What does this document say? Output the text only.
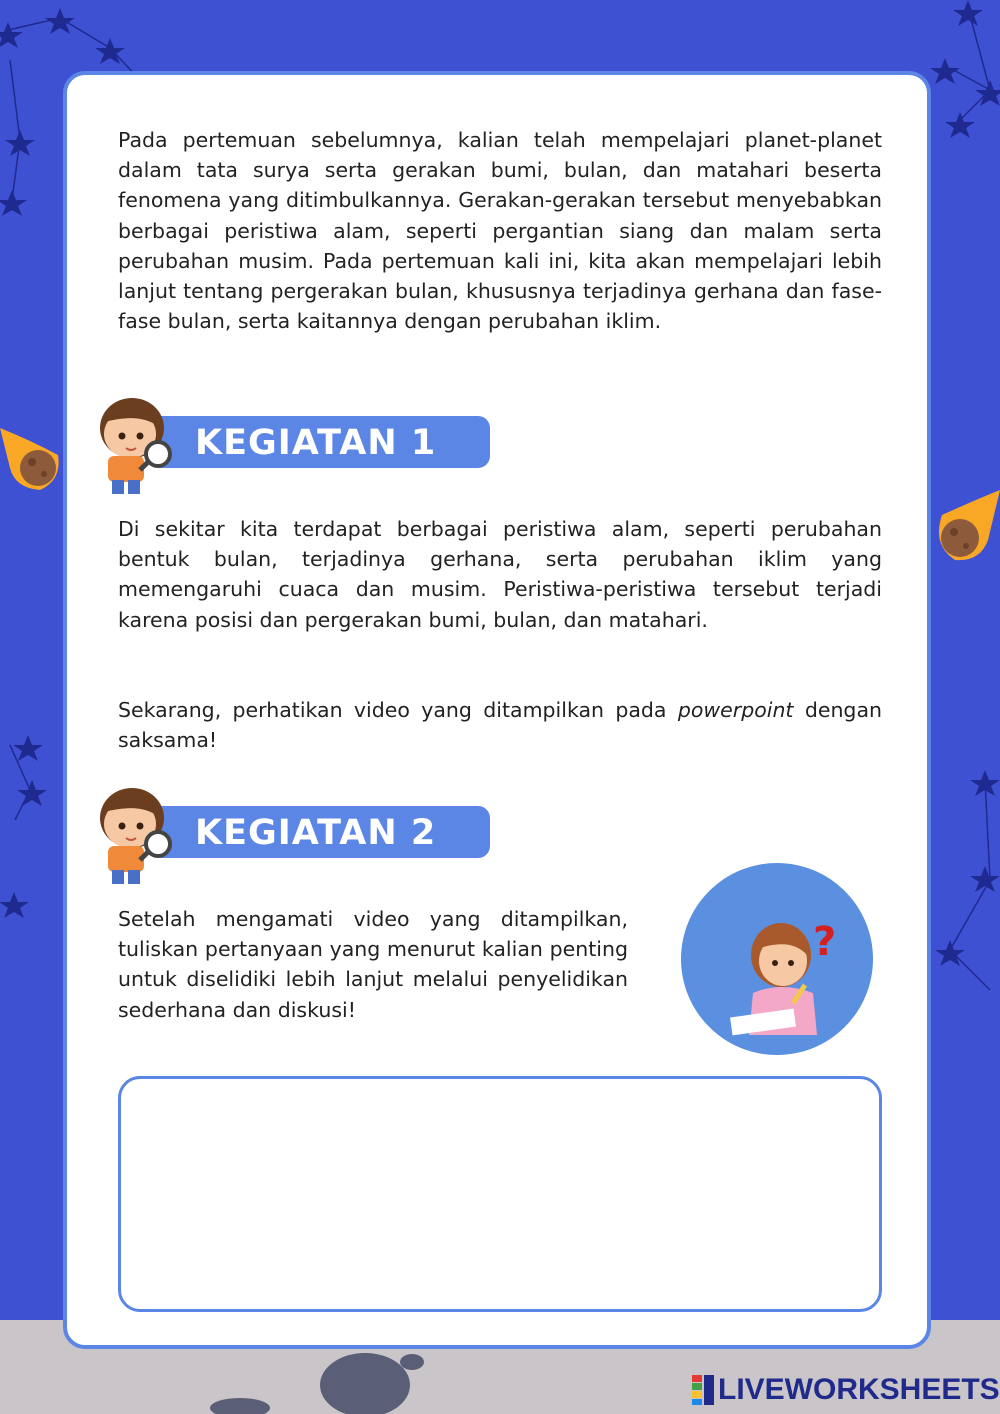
Pada pertemuan sebelumnya, kalian telah mempelajari planet-planet dalam tata surya serta gerakan bumi, bulan, dan matahari beserta fenomena yang ditimbulkannya. Gerakan-gerakan tersebut menyebabkan berbagai peristiwa alam, seperti pergantian siang dan malam serta perubahan musim. Pada pertemuan kali ini, kita akan mempelajari lebih lanjut tentang pergerakan bulan, khususnya terjadinya gerhana dan fase-fase bulan, serta kaitannya dengan perubahan iklim.

KEGIATAN 1

Di sekitar kita terdapat berbagai peristiwa alam, seperti perubahan bentuk bulan, terjadinya gerhana, serta perubahan iklim yang memengaruhi cuaca dan musim. Peristiwa-peristiwa tersebut terjadi karena posisi dan pergerakan bumi, bulan, dan matahari.

Sekarang, perhatikan video yang ditampilkan pada powerpoint dengan saksama!

KEGIATAN 2

Setelah mengamati video yang ditampilkan, tuliskan pertanyaan yang menurut kalian penting untuk diselidiki lebih lanjut melalui penyelidikan sederhana dan diskusi!

?
LIVEWORKSHEETS
